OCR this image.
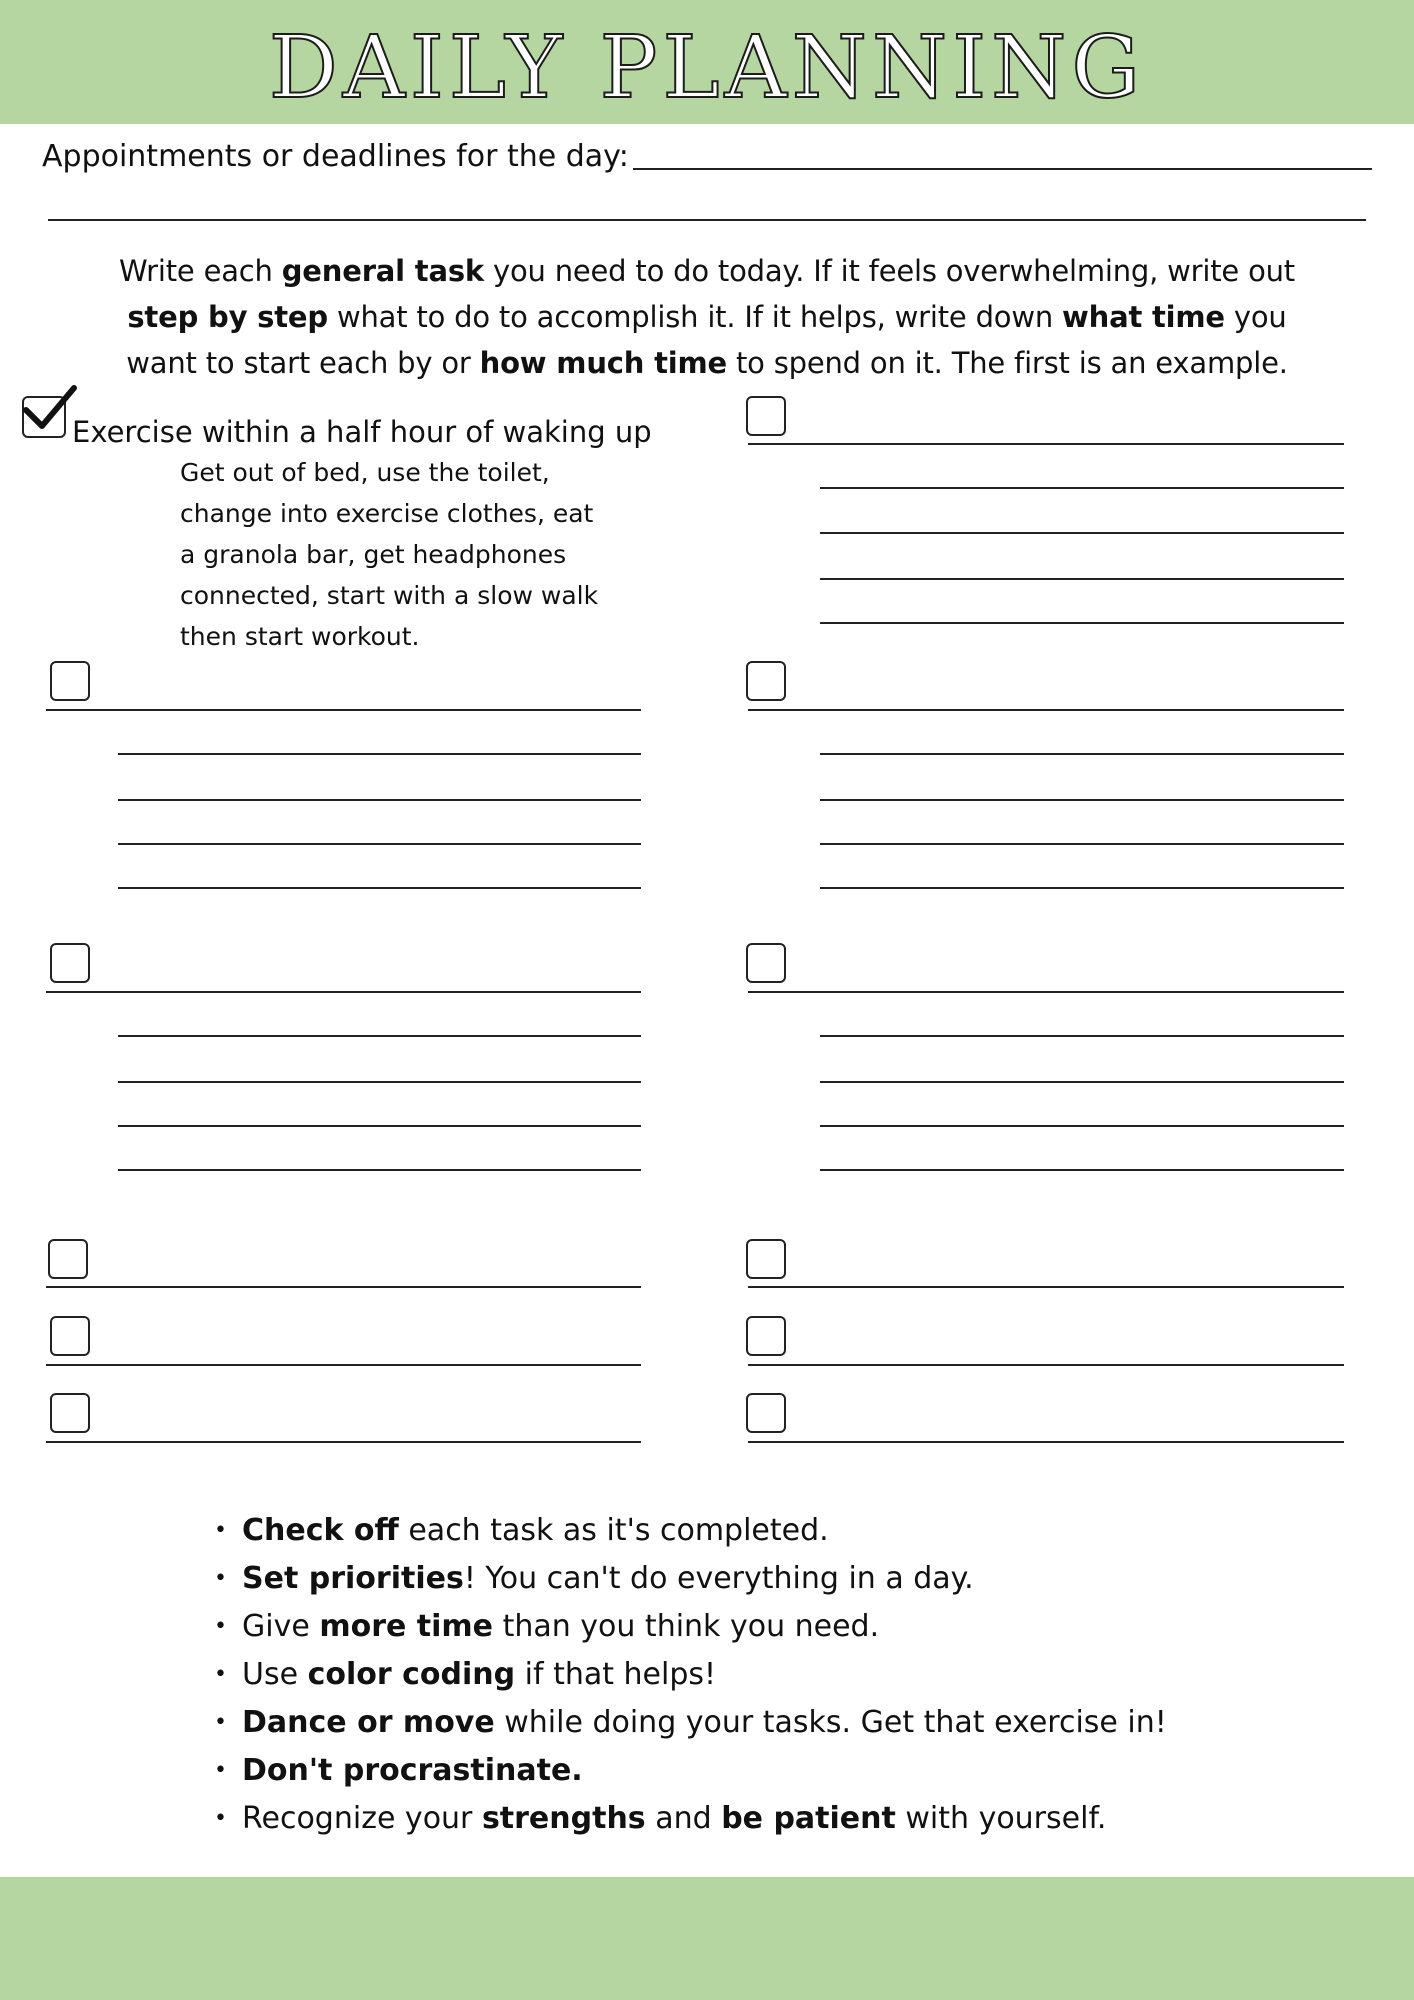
DAILY PLANNING
Appointments or deadlines for the day:
Write each general task you need to do today. If it feels overwhelming, write out
step by step what to do to accomplish it. If it helps, write down what time you
want to start each by or how much time to spend on it. The first is an example.
Exercise within a half hour of waking up
Get out of bed, use the toilet,
change into exercise clothes, eat
a granola bar, get headphones
connected, start with a slow walk
then start workout.
• Check off each task as it's completed.
• Set priorities! You can't do everything in a day.
• Give more time than you think you need.
• Use color coding if that helps!
• Dance or move while doing your tasks. Get that exercise in!
• Don't procrastinate.
• Recognize your strengths and be patient with yourself.
